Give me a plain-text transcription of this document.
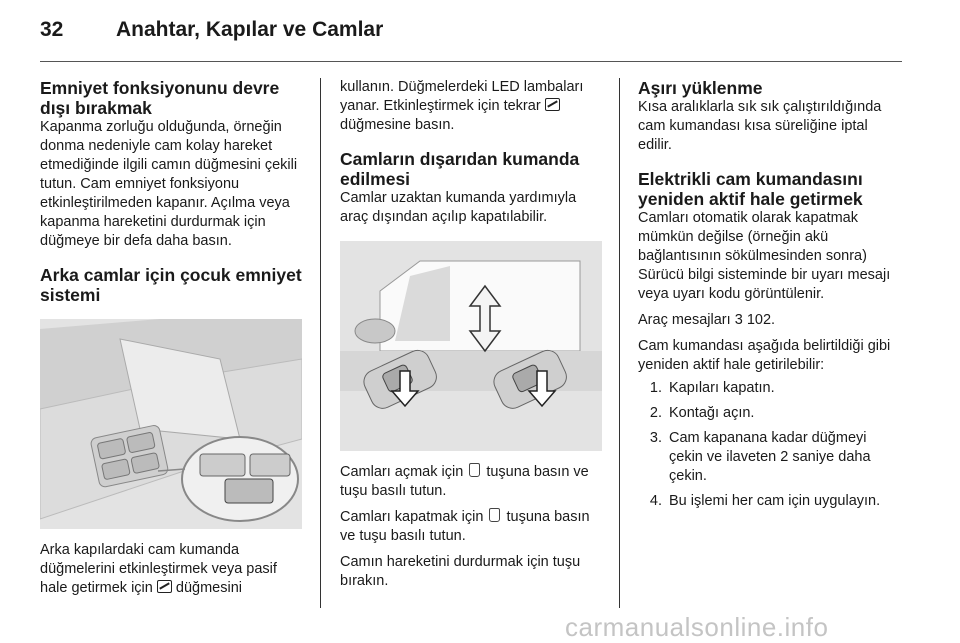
32	Anahtar, Kapılar ve Camlar
Emniyet fonksiyonunu devre dışı bırakmak

Kapanma zorluğu olduğunda, örneğin donma nedeniyle cam kolay hareket etmediğinde ilgili camın düğmesini çekili tutun. Cam emniyet fonksiyonu etkinleştirilmeden kapanır. Açılma veya kapanma hareketini durdurmak için düğmeye bir defa daha basın.

Arka camlar için çocuk emniyet sistemi

Arka kapılardaki cam kumanda düğmelerini etkinleştirmek veya pasif hale getirmek için düğmesini

kullanın. Düğmelerdeki LED lambaları yanar. Etkinleştirmek için tekrar  düğmesine basın.

Camların dışarıdan kumanda edilmesi

Camlar uzaktan kumanda yardımıyla araç dışından açılıp kapatılabilir.

Camları açmak için tuşuna basın ve tuşu basılı tutun.

Camları kapatmak için tuşuna basın ve tuşu basılı tutun.

Camın hareketini durdurmak için tuşu bırakın.

Aşırı yüklenme

Kısa aralıklarla sık sık çalıştırıldığında cam kumandası kısa süreliğine iptal edilir.

Elektrikli cam kumandasını yeniden aktif hale getirmek

Camları otomatik olarak kapatmak mümkün değilse (örneğin akü bağlantısının sökülmesinden sonra) Sürücü bilgi sisteminde bir uyarı mesajı veya uyarı kodu görüntülenir.

Araç mesajları 3 102.

Cam kumandası aşağıda belirtildiği gibi yeniden aktif hale getirilebilir:

1. Kapıları kapatın.
2. Kontağı açın.
3. Cam kapanana kadar düğmeyi çekin ve ilaveten 2 saniye daha çekin.
4. Bu işlemi her cam için uygulayın.
carmanualsonline.info
